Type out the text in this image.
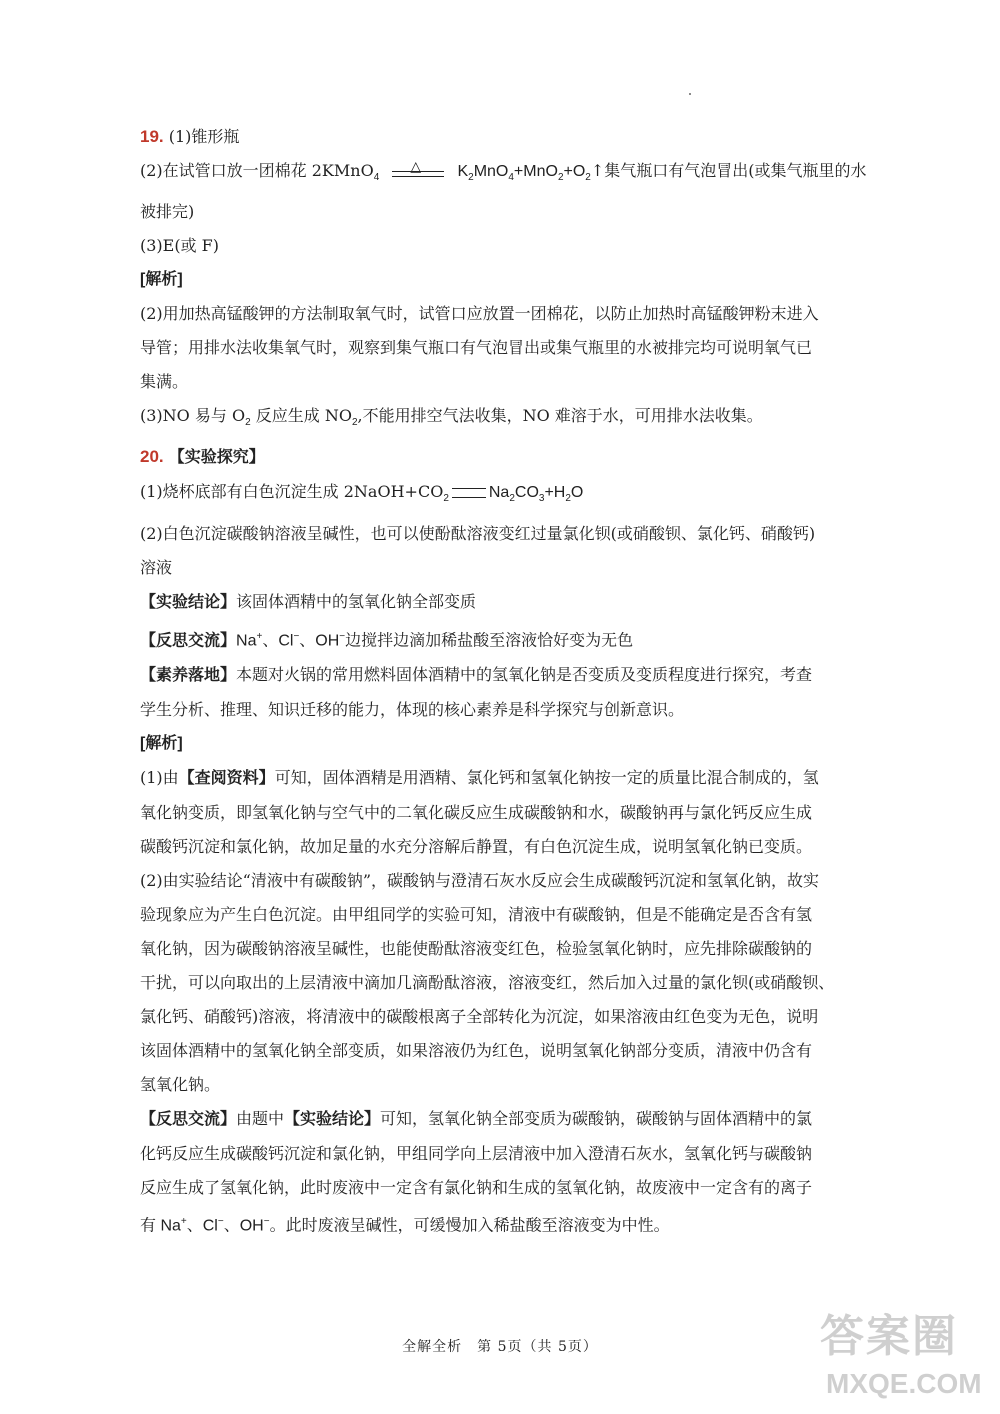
19. (1)锥形瓶
(2)在试管口放一团棉花 2KMnO$_4$
△ $K_2MnO_4+MnO_2+O_2↑$集气瓶口有气泡冒出(或集气瓶里的水
被排完)
(3)E(或 F)
[解析]
(2)用加热高锰酸钾的方法制取氧气时，试管口应放置一团棉花，以防止加热时高锰酸钾粉末进入
导管；用排水法收集氧气时，观察到集气瓶口有气泡冒出或集气瓶里的水被排完均可说明氧气已
集满。
(3)NO 易与 $O_2$ 反应生成 $NO_2$,不能用排空气法收集，NO 难溶于水，可用排水法收集。
20. 【实验探究】
(1)烧杯底部有白色沉淀生成 $2NaOH+CO_2$	$Na_2CO_3+H_2O$
(2)白色沉淀碳酸钠溶液呈碱性，也可以使酚酞溶液变红过量氯化钡(或硝酸钡、氯化钙、硝酸钙)
溶液
【实验结论】该固体酒精中的氢氧化钠全部变质
【反思交流】Na+、Cl−、OH−边搅拌边滴加稀盐酸至溶液恰好变为无色
【素养落地】本题对火锅的常用燃料固体酒精中的氢氧化钠是否变质及变质程度进行探究，考查
学生分析、推理、知识迁移的能力，体现的核心素养是科学探究与创新意识。
[解析]
(1)由【查阅资料】可知，固体酒精是用酒精、氯化钙和氢氧化钠按一定的质量比混合制成的，氢
氧化钠变质，即氢氧化钠与空气中的二氧化碳反应生成碳酸钠和水，碳酸钠再与氯化钙反应生成
碳酸钙沉淀和氯化钠，故加足量的水充分溶解后静置，有白色沉淀生成，说明氢氧化钠已变质。
(2)由实验结论“清液中有碳酸钠”，碳酸钠与澄清石灰水反应会生成碳酸钙沉淀和氢氧化钠，故实
验现象应为产生白色沉淀。由甲组同学的实验可知，清液中有碳酸钠，但是不能确定是否含有氢
氧化钠，因为碳酸钠溶液呈碱性，也能使酚酞溶液变红色，检验氢氧化钠时，应先排除碳酸钠的
干扰，可以向取出的上层清液中滴加几滴酚酞溶液，溶液变红，然后加入过量的氯化钡(或硝酸钡、
氯化钙、硝酸钙)溶液，将清液中的碳酸根离子全部转化为沉淀，如果溶液由红色变为无色，说明
该固体酒精中的氢氧化钠全部变质，如果溶液仍为红色，说明氢氧化钠部分变质，清液中仍含有
氢氧化钠。
【反思交流】由题中【实验结论】可知，氢氧化钠全部变质为碳酸钠，碳酸钠与固体酒精中的氯
化钙反应生成碳酸钙沉淀和氯化钠，甲组同学向上层清液中加入澄清石灰水，氢氧化钙与碳酸钠
反应生成了氢氧化钠，此时废液中一定含有氯化钠和生成的氢氧化钠，故废液中一定含有的离子
有 Na+、Cl−、OH−。此时废液呈碱性，可缓慢加入稀盐酸至溶液变为中性。
全解全析　第 5页（共 5页）	答案圈
MXQE.COM
